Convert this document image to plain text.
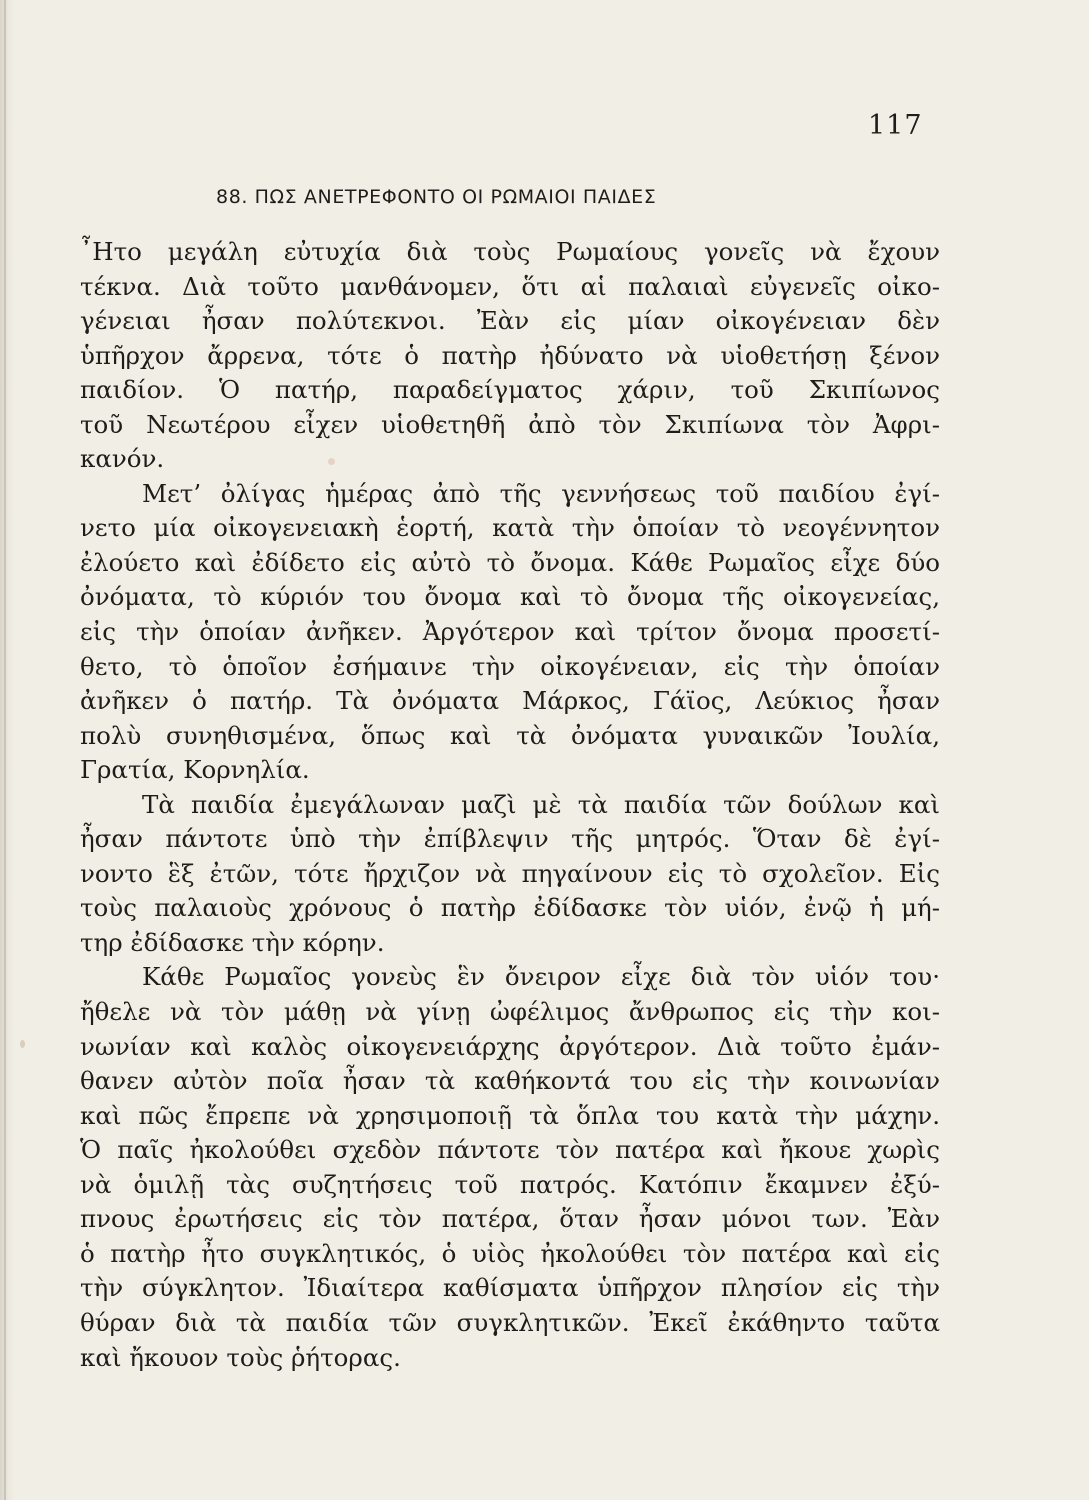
117
88. ΠΩΣ ΑΝΕΤΡΕΦΟΝΤΟ ΟΙ ΡΩΜΑΙΟΙ ΠΑΙΔΕΣ
῏Ητο μεγάλη εὐτυχία διὰ τοὺς Ρωμαίους γονεῖς νὰ ἔχουν
τέκνα. Διὰ τοῦτο μανθάνομεν, ὅτι αἱ παλαιαὶ εὐγενεῖς οἰκο-
γένειαι ἦσαν πολύτεκνοι. Ἐὰν εἰς μίαν οἰκογένειαν δὲν
ὑπῆρχον ἄρρενα, τότε ὁ πατὴρ ἠδύνατο νὰ υἱοθετήσῃ ξένον
παιδίον. Ὁ πατήρ, παραδείγματος χάριν, τοῦ Σκιπίωνος
τοῦ Νεωτέρου εἶχεν υἱοθετηθῆ ἀπὸ τὸν Σκιπίωνα τὸν Ἀφρι-
κανόν.
Μετ’ ὀλίγας ἡμέρας ἀπὸ τῆς γεννήσεως τοῦ παιδίου ἐγί-
νετο μία οἰκογενειακὴ ἑορτή, κατὰ τὴν ὁποίαν τὸ νεογέννητον
ἐλούετο καὶ ἐδίδετο εἰς αὐτὸ τὸ ὄνομα. Κάθε Ρωμαῖος εἶχε δύο
ὀνόματα, τὸ κύριόν του ὄνομα καὶ τὸ ὄνομα τῆς οἰκογενείας,
εἰς τὴν ὁποίαν ἀνῆκεν. Ἀργότερον καὶ τρίτον ὄνομα προσετί-
θετο, τὸ ὁποῖον ἐσήμαινε τὴν οἰκογένειαν, εἰς τὴν ὁποίαν
ἀνῆκεν ὁ πατήρ. Τὰ ὀνόματα Μάρκος, Γάϊος, Λεύκιος ἦσαν
πολὺ συνηθισμένα, ὅπως καὶ τὰ ὀνόματα γυναικῶν Ἰουλία,
Γρατία, Κορνηλία.
Τὰ παιδία ἐμεγάλωναν μαζὶ μὲ τὰ παιδία τῶν δούλων καὶ
ἦσαν πάντοτε ὑπὸ τὴν ἐπίβλεψιν τῆς μητρός. Ὅταν δὲ ἐγί-
νοντο ἓξ ἐτῶν, τότε ἤρχιζον νὰ πηγαίνουν εἰς τὸ σχολεῖον. Εἰς
τοὺς παλαιοὺς χρόνους ὁ πατὴρ ἐδίδασκε τὸν υἱόν, ἐνῷ ἡ μή-
τηρ ἐδίδασκε τὴν κόρην.
Κάθε Ρωμαῖος γονεὺς ἓν ὄνειρον εἶχε διὰ τὸν υἱόν του·
ἤθελε νὰ τὸν μάθῃ νὰ γίνῃ ὠφέλιμος ἄνθρωπος εἰς τὴν κοι-
νωνίαν καὶ καλὸς οἰκογενειάρχης ἀργότερον. Διὰ τοῦτο ἐμάν-
θανεν αὐτὸν ποῖα ἦσαν τὰ καθήκοντά του εἰς τὴν κοινωνίαν
καὶ πῶς ἔπρεπε νὰ χρησιμοποιῇ τὰ ὅπλα του κατὰ τὴν μάχην.
Ὁ παῖς ἠκολούθει σχεδὸν πάντοτε τὸν πατέρα καὶ ἤκουε χωρὶς
νὰ ὁμιλῇ τὰς συζητήσεις τοῦ πατρός. Κατόπιν ἔκαμνεν ἐξύ-
πνους ἐρωτήσεις εἰς τὸν πατέρα, ὅταν ἦσαν μόνοι των. Ἐὰν
ὁ πατὴρ ἦτο συγκλητικός, ὁ υἱὸς ἠκολούθει τὸν πατέρα καὶ εἰς
τὴν σύγκλητον. Ἰδιαίτερα καθίσματα ὑπῆρχον πλησίον εἰς τὴν
θύραν διὰ τὰ παιδία τῶν συγκλητικῶν. Ἐκεῖ ἐκάθηντο ταῦτα
καὶ ἤκουον τοὺς ῥήτορας.
